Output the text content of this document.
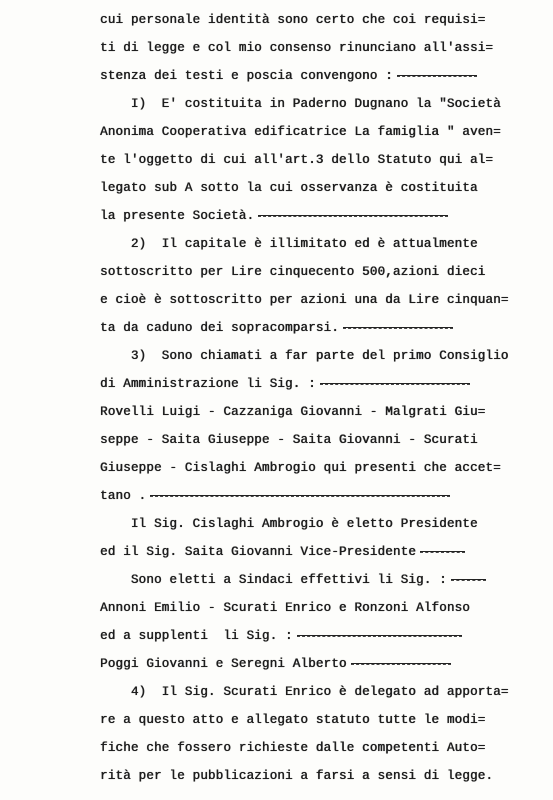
cui personale identità sono certo che coi requisi=
ti di legge e col mio consenso rinunciano all'assi=
stenza dei testi e poscia convengono :
I)  E' costituita in Paderno Dugnano la "Società
Anonima Cooperativa edificatrice La famiglia " aven=
te l'oggetto di cui all'art.3 dello Statuto qui al=
legato sub A sotto la cui osservanza è costituita
la presente Società.
2)  Il capitale è illimitato ed è attualmente
sottoscritto per Lire cinquecento 500,azioni dieci
e cioè è sottoscritto per azioni una da Lire cinquan=
ta da caduno dei sopracomparsi.
3)  Sono chiamati a far parte del primo Consiglio
di Amministrazione li Sig. :
Rovelli Luigi - Cazzaniga Giovanni - Malgrati Giu=
seppe - Saita Giuseppe - Saita Giovanni - Scurati
Giuseppe - Cislaghi Ambrogio qui presenti che accet=
tano .
Il Sig. Cislaghi Ambrogio è eletto Presidente
ed il Sig. Saita Giovanni Vice-Presidente
Sono eletti a Sindaci effettivi li Sig. :
Annoni Emilio - Scurati Enrico e Ronzoni Alfonso
ed a supplenti  li Sig. :
Poggi Giovanni e Seregni Alberto
4)  Il Sig. Scurati Enrico è delegato ad apporta=
re a questo atto e allegato statuto tutte le modi=
fiche che fossero richieste dalle competenti Auto=
rità per le pubblicazioni a farsi a sensi di legge.
